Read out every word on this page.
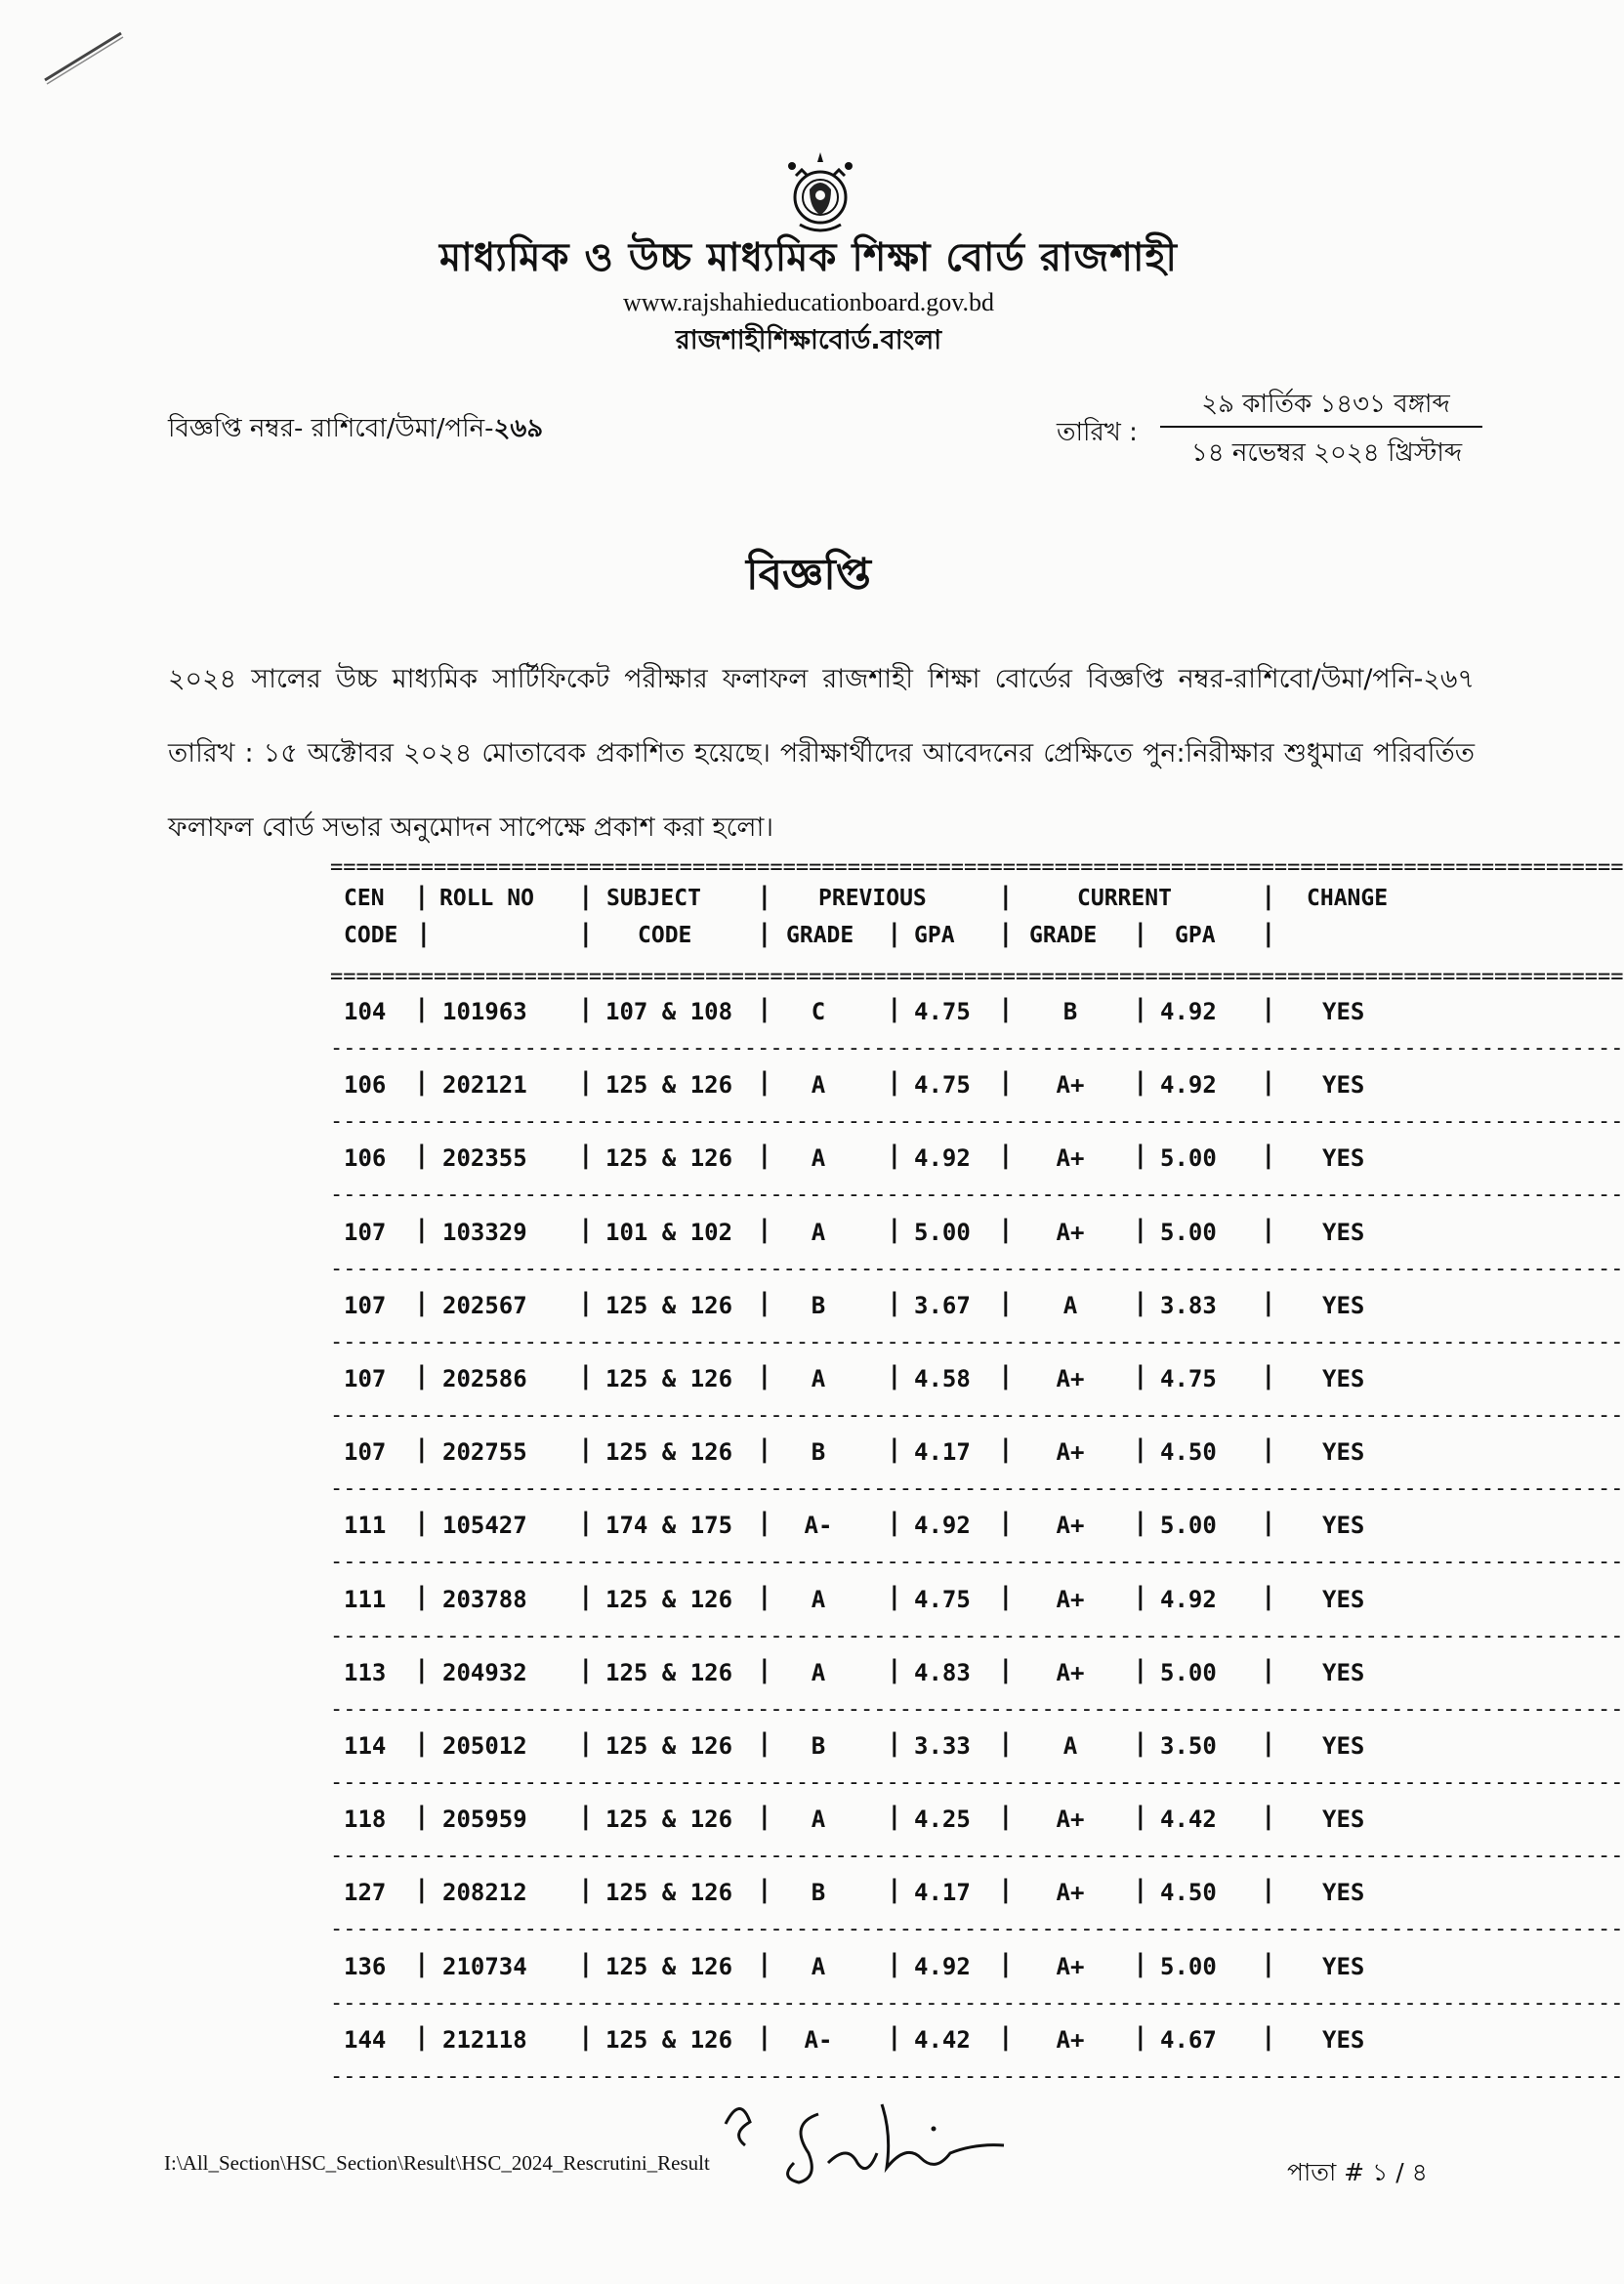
মাধ্যমিক ও উচ্চ মাধ্যমিক শিক্ষা বোর্ড রাজশাহী
www.rajshahieducationboard.gov.bd
রাজশাহীশিক্ষাবোর্ড.বাংলা
বিজ্ঞপ্তি নম্বর- রাশিবো/উমা/পনি-২৬৯	তারিখ :
২৯ কার্তিক ১৪৩১ বঙ্গাব্দ
১৪ নভেম্বর ২০২৪ খ্রিস্টাব্দ
বিজ্ঞপ্তি
২০২৪ সালের উচ্চ মাধ্যমিক সার্টিফিকেট পরীক্ষার ফলাফল রাজশাহী শিক্ষা বোর্ডের বিজ্ঞপ্তি নম্বর-রাশিবো/উমা/পনি-২৬৭ তারিখ : ১৫ অক্টোবর ২০২৪ মোতাবেক প্রকাশিত হয়েছে। পরীক্ষার্থীদের আবেদনের প্রেক্ষিতে পুন:নিরীক্ষার শুধুমাত্র পরিবর্তিত ফলাফল বোর্ড সভার অনুমোদন সাপেক্ষে প্রকাশ করা হলো।
====================================================================================================
====================================================================================================
CEN ROLL NO	SUBJECT	PREVIOUS	CURRENT	CHANGE
CODE	CODE	GRADE	GPA	GRADE	GPA
|	|	|	|	|
|	|	|	|	|	|	|
104 101963	107 & 108	C	4.75	B	4.92	YES
|	|	|	|	|	|	|
----------------------------------------------------------------------------------------------------
106 202121	125 & 126	A	4.75	A+	4.92	YES
|	|	|	|	|	|	|
----------------------------------------------------------------------------------------------------
106 202355	125 & 126	A	4.92	A+	5.00	YES
|	|	|	|	|	|	|
----------------------------------------------------------------------------------------------------
107 103329	101 & 102	A	5.00	A+	5.00	YES
|	|	|	|	|	|	|
----------------------------------------------------------------------------------------------------
107 202567	125 & 126	B	3.67	A	3.83	YES
|	|	|	|	|	|	|
----------------------------------------------------------------------------------------------------
107 202586	125 & 126	A	4.58	A+	4.75	YES
|	|	|	|	|	|	|
----------------------------------------------------------------------------------------------------
107 202755	125 & 126	B	4.17	A+	4.50	YES
|	|	|	|	|	|	|
----------------------------------------------------------------------------------------------------
111 105427	174 & 175	A-	4.92	A+	5.00	YES
|	|	|	|	|	|	|
----------------------------------------------------------------------------------------------------
111 203788	125 & 126	A	4.75	A+	4.92	YES
|	|	|	|	|	|	|
----------------------------------------------------------------------------------------------------
113 204932	125 & 126	A	4.83	A+	5.00	YES
|	|	|	|	|	|	|
----------------------------------------------------------------------------------------------------
114 205012	125 & 126	B	3.33	A	3.50	YES
|	|	|	|	|	|	|
----------------------------------------------------------------------------------------------------
118 205959	125 & 126	A	4.25	A+	4.42	YES
|	|	|	|	|	|	|
----------------------------------------------------------------------------------------------------
127 208212	125 & 126	B	4.17	A+	4.50	YES
|	|	|	|	|	|	|
----------------------------------------------------------------------------------------------------
136 210734	125 & 126	A	4.92	A+	5.00	YES
|	|	|	|	|	|	|
----------------------------------------------------------------------------------------------------
144 212118	125 & 126	A-	4.42	A+	4.67	YES
|	|	|	|	|	|	|
----------------------------------------------------------------------------------------------------
I:\All_Section\HSC_Section\Result\HSC_2024_Rescrutini_Result	পাতা # ১ / ৪
